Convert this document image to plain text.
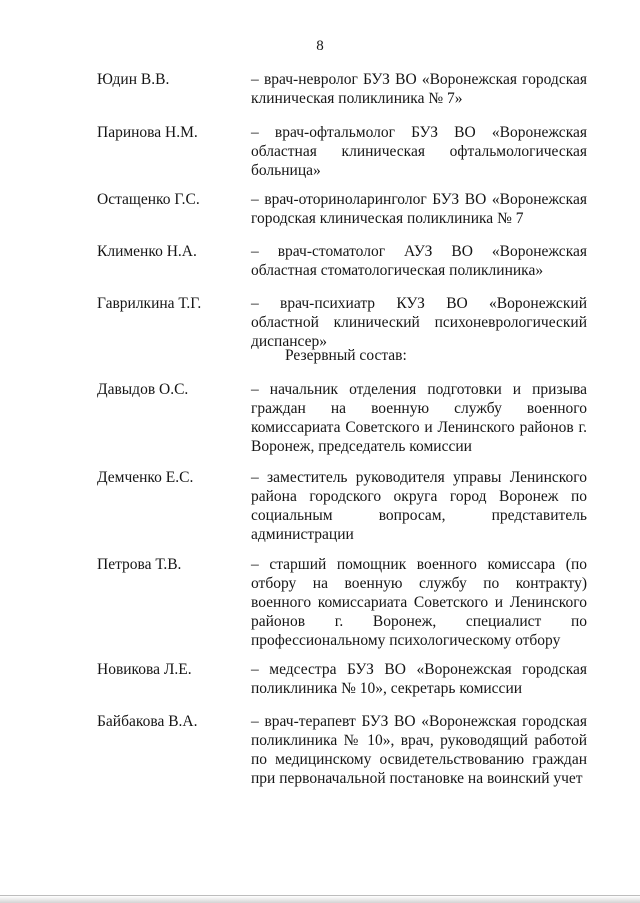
8
Юдин В.В.	– врач-невролог БУЗ ВО «Воронежская городская клиническая поликлиника № 7»
Паринова Н.М.	– врач-офтальмолог БУЗ ВО «Воронежская областная клиническая офтальмологическая больница»
Остащенко Г.С.	– врач-оториноларинголог БУЗ ВО «Воронежская городская клиническая поликлиника № 7
Клименко Н.А.	– врач-стоматолог АУЗ ВО «Воронежская областная стоматологическая поликлиника»
Гаврилкина Т.Г.	– врач-психиатр КУЗ ВО «Воронежский областной клинический психоневрологический диспансер»
Резервный состав:
Давыдов О.С.	– начальник отделения подготовки и призыва граждан на военную службу военного комиссариата Советского и Ленинского районов г. Воронеж, председатель комиссии
Демченко Е.С.	– заместитель руководителя управы Ленинского района городского округа город Воронеж по социальным вопросам, представитель администрации
Петрова Т.В.	– старший помощник военного комиссара (по отбору на военную службу по контракту) военного комиссариата Советского и Ленинского районов г. Воронеж, специалист по профессиональному психологическому отбору
Новикова Л.Е.	– медсестра БУЗ ВО «Воронежская городская поликлиника № 10», секретарь комиссии
Байбакова В.А.	– врач-терапевт БУЗ ВО «Воронежская городская поликлиника № 10», врач, руководящий работой по медицинскому освидетельствованию граждан при первоначальной постановке на воинский учет
